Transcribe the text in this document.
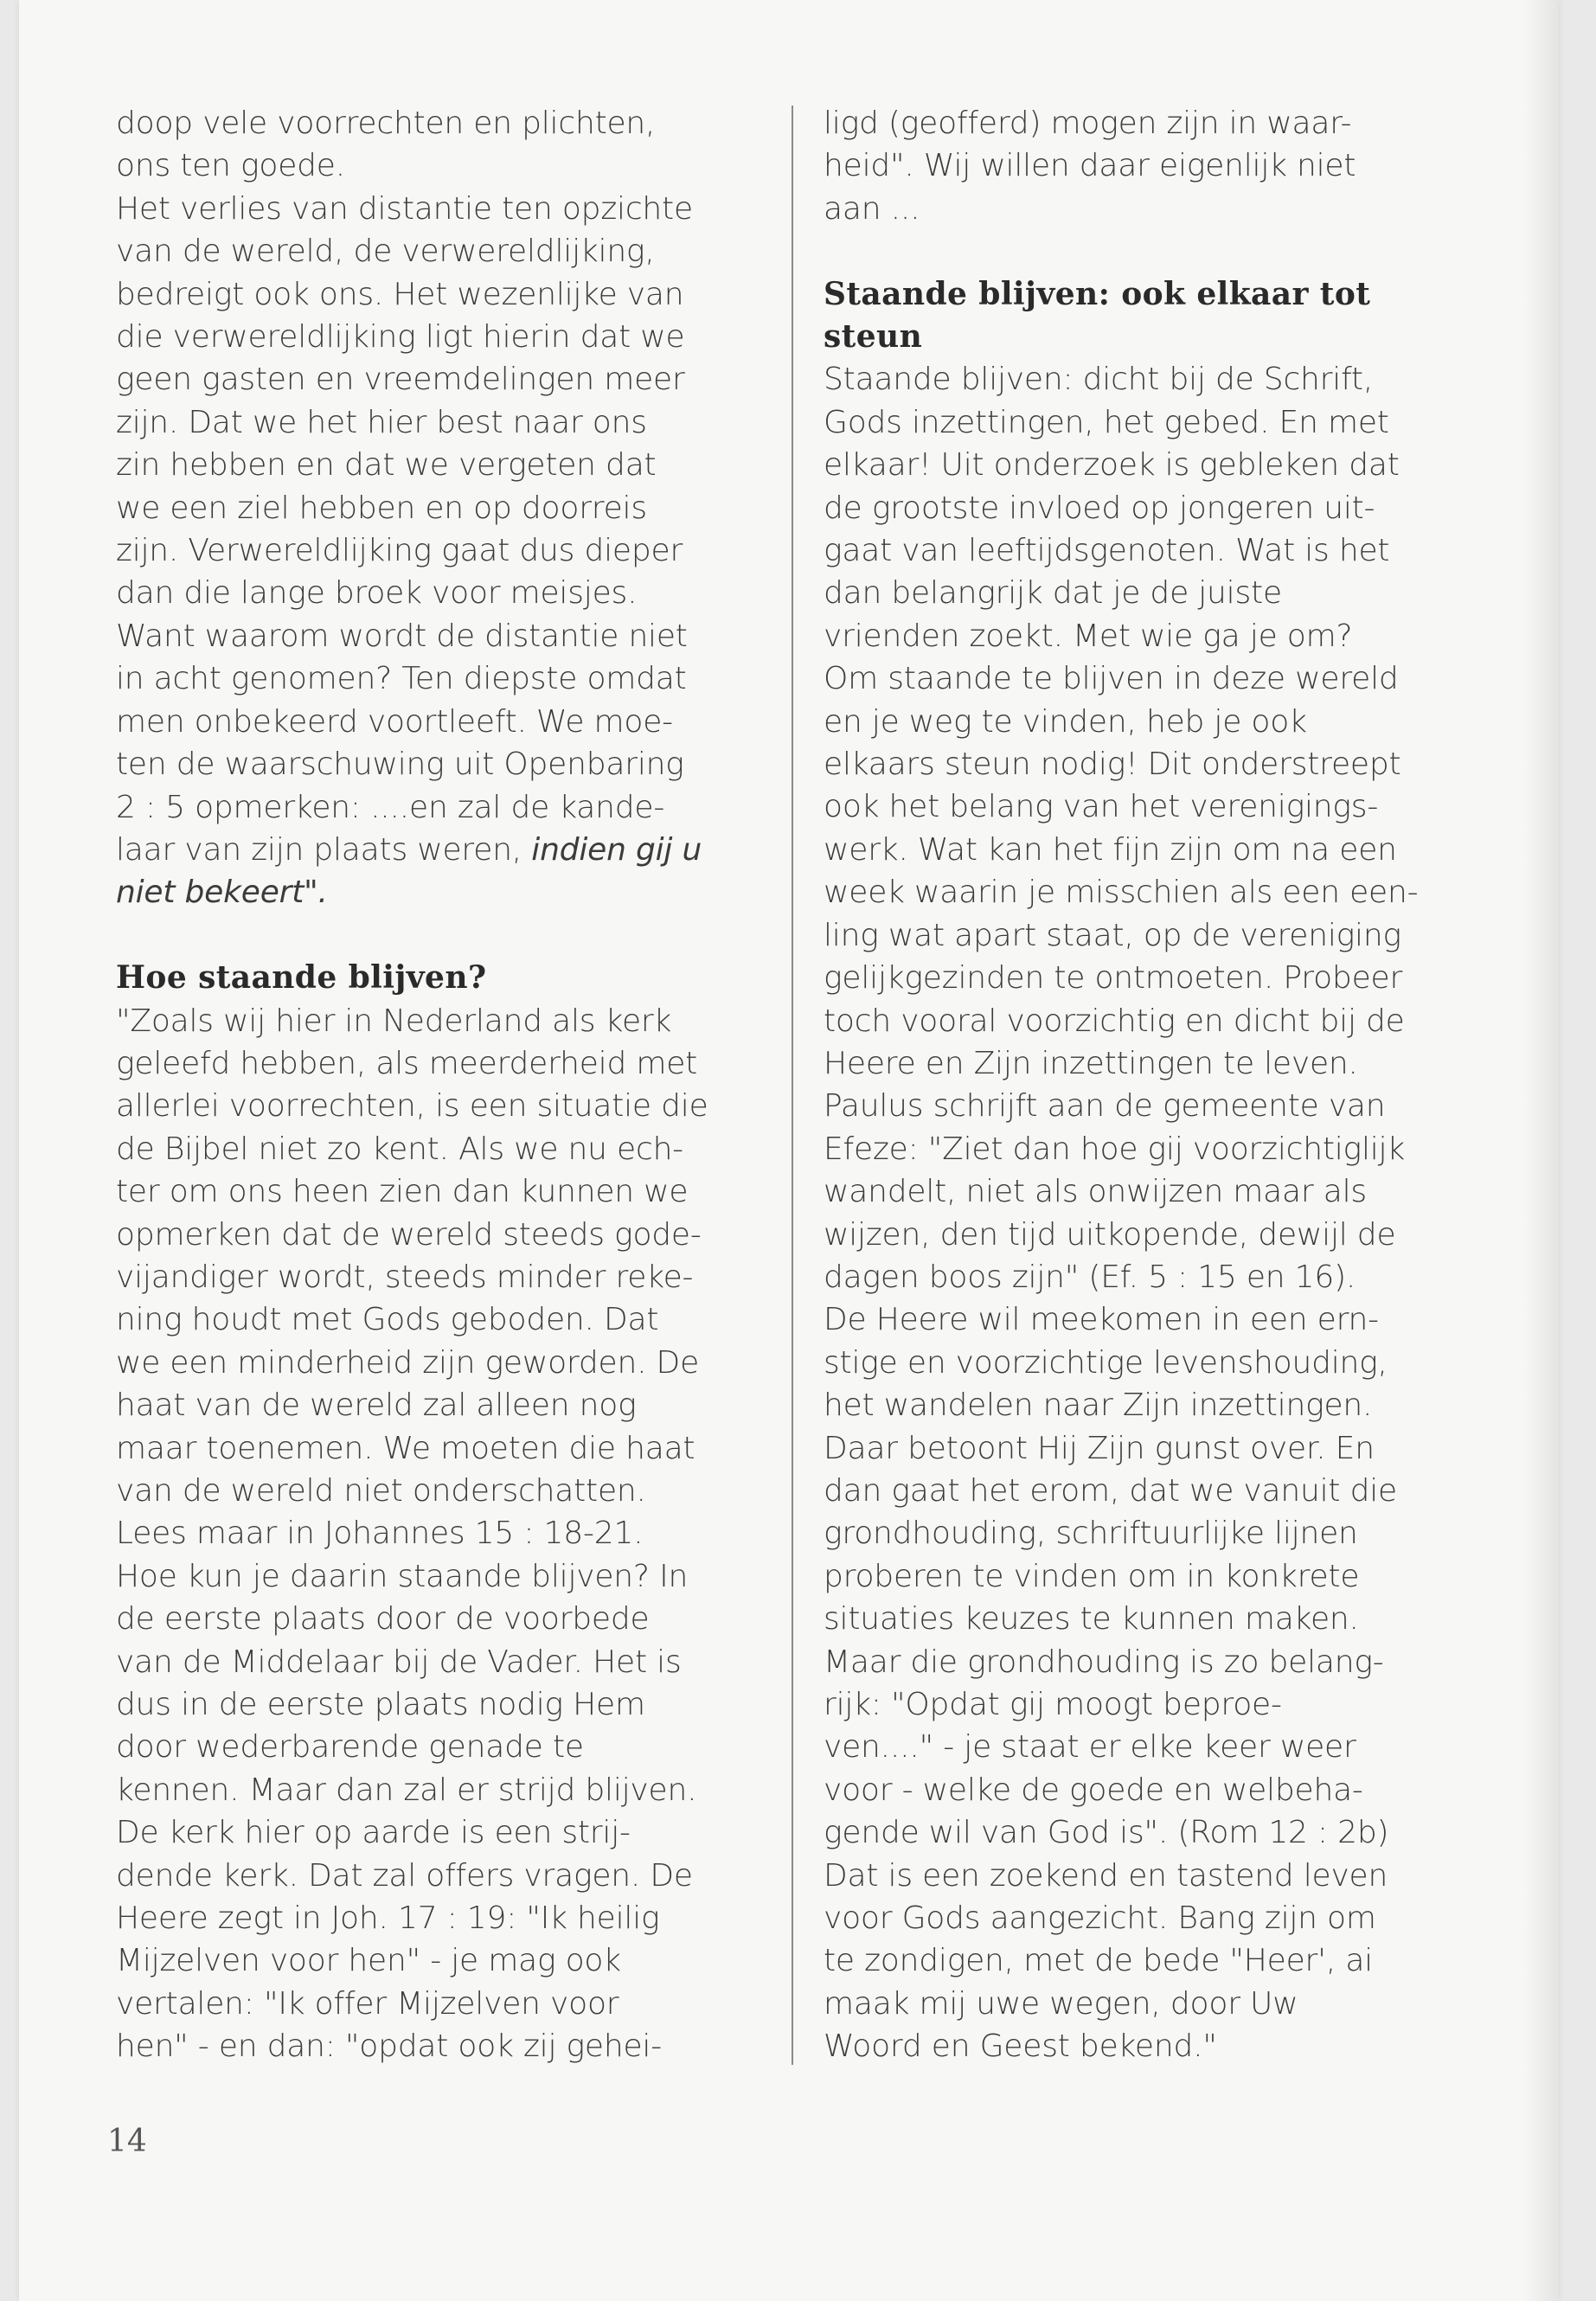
doop vele voorrechten en plichten,
ons ten goede.
Het verlies van distantie ten opzichte
van de wereld, de verwereldlijking,
bedreigt ook ons. Het wezenlijke van
die verwereldlijking ligt hierin dat we
geen gasten en vreemdelingen meer
zijn. Dat we het hier best naar ons
zin hebben en dat we vergeten dat
we een ziel hebben en op doorreis
zijn. Verwereldlijking gaat dus dieper
dan die lange broek voor meisjes.
Want waarom wordt de distantie niet
in acht genomen? Ten diepste omdat
men onbekeerd voortleeft. We moe-
ten de waarschuwing uit Openbaring
2 : 5 opmerken: ....en zal de kande-
laar van zijn plaats weren, indien gij u
niet bekeert".
Hoe staande blijven?
"Zoals wij hier in Nederland als kerk
geleefd hebben, als meerderheid met
allerlei voorrechten, is een situatie die
de Bijbel niet zo kent. Als we nu ech-
ter om ons heen zien dan kunnen we
opmerken dat de wereld steeds gode-
vijandiger wordt, steeds minder reke-
ning houdt met Gods geboden. Dat
we een minderheid zijn geworden. De
haat van de wereld zal alleen nog
maar toenemen. We moeten die haat
van de wereld niet onderschatten.
Lees maar in Johannes 15 : 18-21.
Hoe kun je daarin staande blijven? In
de eerste plaats door de voorbede
van de Middelaar bij de Vader. Het is
dus in de eerste plaats nodig Hem
door wederbarende genade te
kennen. Maar dan zal er strijd blijven.
De kerk hier op aarde is een strij-
dende kerk. Dat zal offers vragen. De
Heere zegt in Joh. 17 : 19: "Ik heilig
Mijzelven voor hen" - je mag ook
vertalen: "Ik offer Mijzelven voor
hen" - en dan: "opdat ook zij gehei-
ligd (geofferd) mogen zijn in waar-
heid". Wij willen daar eigenlijk niet
aan ...
Staande blijven: ook elkaar tot
steun
Staande blijven: dicht bij de Schrift,
Gods inzettingen, het gebed. En met
elkaar! Uit onderzoek is gebleken dat
de grootste invloed op jongeren uit-
gaat van leeftijdsgenoten. Wat is het
dan belangrijk dat je de juiste
vrienden zoekt. Met wie ga je om?
Om staande te blijven in deze wereld
en je weg te vinden, heb je ook
elkaars steun nodig! Dit onderstreept
ook het belang van het verenigings-
werk. Wat kan het fijn zijn om na een
week waarin je misschien als een een-
ling wat apart staat, op de vereniging
gelijkgezinden te ontmoeten. Probeer
toch vooral voorzichtig en dicht bij de
Heere en Zijn inzettingen te leven.
Paulus schrijft aan de gemeente van
Efeze: "Ziet dan hoe gij voorzichtiglijk
wandelt, niet als onwijzen maar als
wijzen, den tijd uitkopende, dewijl de
dagen boos zijn" (Ef. 5 : 15 en 16).
De Heere wil meekomen in een ern-
stige en voorzichtige levenshouding,
het wandelen naar Zijn inzettingen.
Daar betoont Hij Zijn gunst over. En
dan gaat het erom, dat we vanuit die
grondhouding, schriftuurlijke lijnen
proberen te vinden om in konkrete
situaties keuzes te kunnen maken.
Maar die grondhouding is zo belang-
rijk: "Opdat gij moogt beproe-
ven...." - je staat er elke keer weer
voor - welke de goede en welbeha-
gende wil van God is". (Rom 12 : 2b)
Dat is een zoekend en tastend leven
voor Gods aangezicht. Bang zijn om
te zondigen, met de bede "Heer', ai
maak mij uwe wegen, door Uw
Woord en Geest bekend."
14
